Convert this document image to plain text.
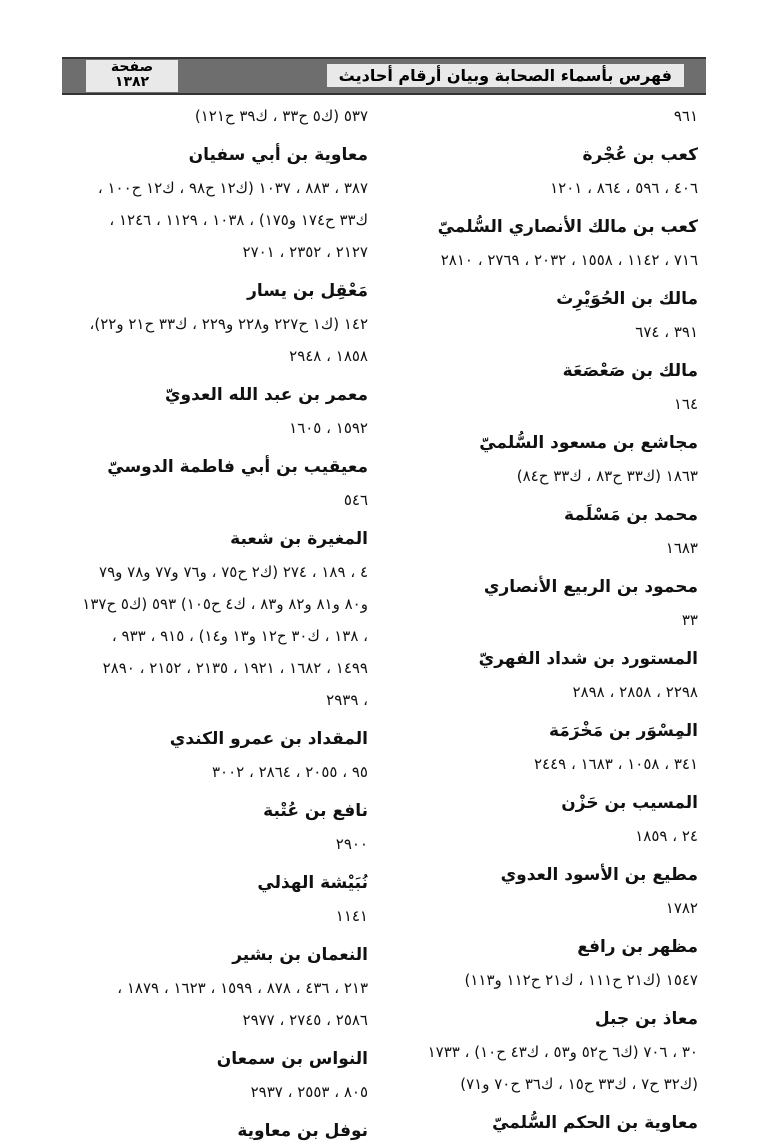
فهرس بأسماء الصحابة وبيان أرقام أحاديث
صفحة
١٣٨٢
٩٦١
كعب بن عُجْرة
٤٠٦ ، ٥٩٦ ، ٨٦٤ ، ١٢٠١
كعب بن مالك الأنصاري السُّلميّ
٧١٦ ، ١١٤٢ ، ١٥٥٨ ، ٢٠٣٢ ، ٢٧٦٩ ، ٢٨١٠
مالك بن الحُوَيْرِث
٣٩١ ، ٦٧٤
مالك بن صَعْصَعَة
١٦٤
مجاشع بن مسعود السُّلميّ
١٨٦٣ (ك٣٣ ح٨٣ ، ك٣٣ ح٨٤)
محمد بن مَسْلَمة
١٦٨٣
محمود بن الربيع الأنصاري
٣٣
المستورد بن شداد الفهريّ
٢٢٩٨ ، ٢٨٥٨ ، ٢٨٩٨
المِسْوَر بن مَخْرَمَة
٣٤١ ، ١٠٥٨ ، ١٦٨٣ ، ٢٤٤٩
المسيب بن حَزْن
٢٤ ، ١٨٥٩
مطيع بن الأسود العدوي
١٧٨٢
مظهر بن رافع
١٥٤٧ (ك٢١ ح١١١ ، ك٢١ ح١١٢ و١١٣)
معاذ بن جبل
٣٠ ، ٧٠٦ (ك٦ ح٥٢ و٥٣ ، ك٤٣ ح١٠) ، ١٧٣٣
(ك٣٢ ح٧ ، ك٣٣ ح١٥ ، ك٣٦ ح٧٠ و٧١)
معاوية بن الحكم السُّلميّ
٥٣٧ (ك٥ ح٣٣ ، ك٣٩ ح١٢١)
معاوية بن أبي سفيان
٣٨٧ ، ٨٨٣ ، ١٠٣٧ (ك١٢ ح٩٨ ، ك١٢ ح١٠٠ ،
ك٣٣ ح١٧٤ و١٧٥) ، ١٠٣٨ ، ١١٢٩ ، ١٢٤٦ ،
٢١٢٧ ، ٢٣٥٢ ، ٢٧٠١
مَعْقِل بن يسار
١٤٢ (ك١ ح٢٢٧ و٢٢٨ و٢٢٩ ، ك٣٣ ح٢١ و٢٢)،
١٨٥٨ ، ٢٩٤٨
معمر بن عبد الله العدويّ
١٥٩٢ ، ١٦٠٥
معيقيب بن أبي فاطمة الدوسيّ
٥٤٦
المغيرة بن شعبة
٤ ، ١٨٩ ، ٢٧٤ (ك٢ ح٧٥ ، و٧٦ و٧٧ و٧٨ و٧٩
و٨٠ و٨١ و٨٢ و٨٣ ، ك٤ ح١٠٥) ٥٩٣ (ك٥ ح١٣٧
، ١٣٨ ، ك٣٠ ح١٢ و١٣ و١٤) ، ٩١٥ ، ٩٣٣ ،
١٤٩٩ ، ١٦٨٢ ، ١٩٢١ ، ٢١٣٥ ، ٢١٥٢ ، ٢٨٩٠
، ٢٩٣٩
المقداد بن عمرو الكندي
٩٥ ، ٢٠٥٥ ، ٢٨٦٤ ، ٣٠٠٢
نافع بن عُتْبة
٢٩٠٠
نُبَيْشة الهذلي
١١٤١
النعمان بن بشير
٢١٣ ، ٤٣٦ ، ٨٧٨ ، ١٥٩٩ ، ١٦٢٣ ، ١٨٧٩ ،
٢٥٨٦ ، ٢٧٤٥ ، ٢٩٧٧
النواس بن سمعان
٨٠٥ ، ٢٥٥٣ ، ٢٩٣٧
نوفل بن معاوية
